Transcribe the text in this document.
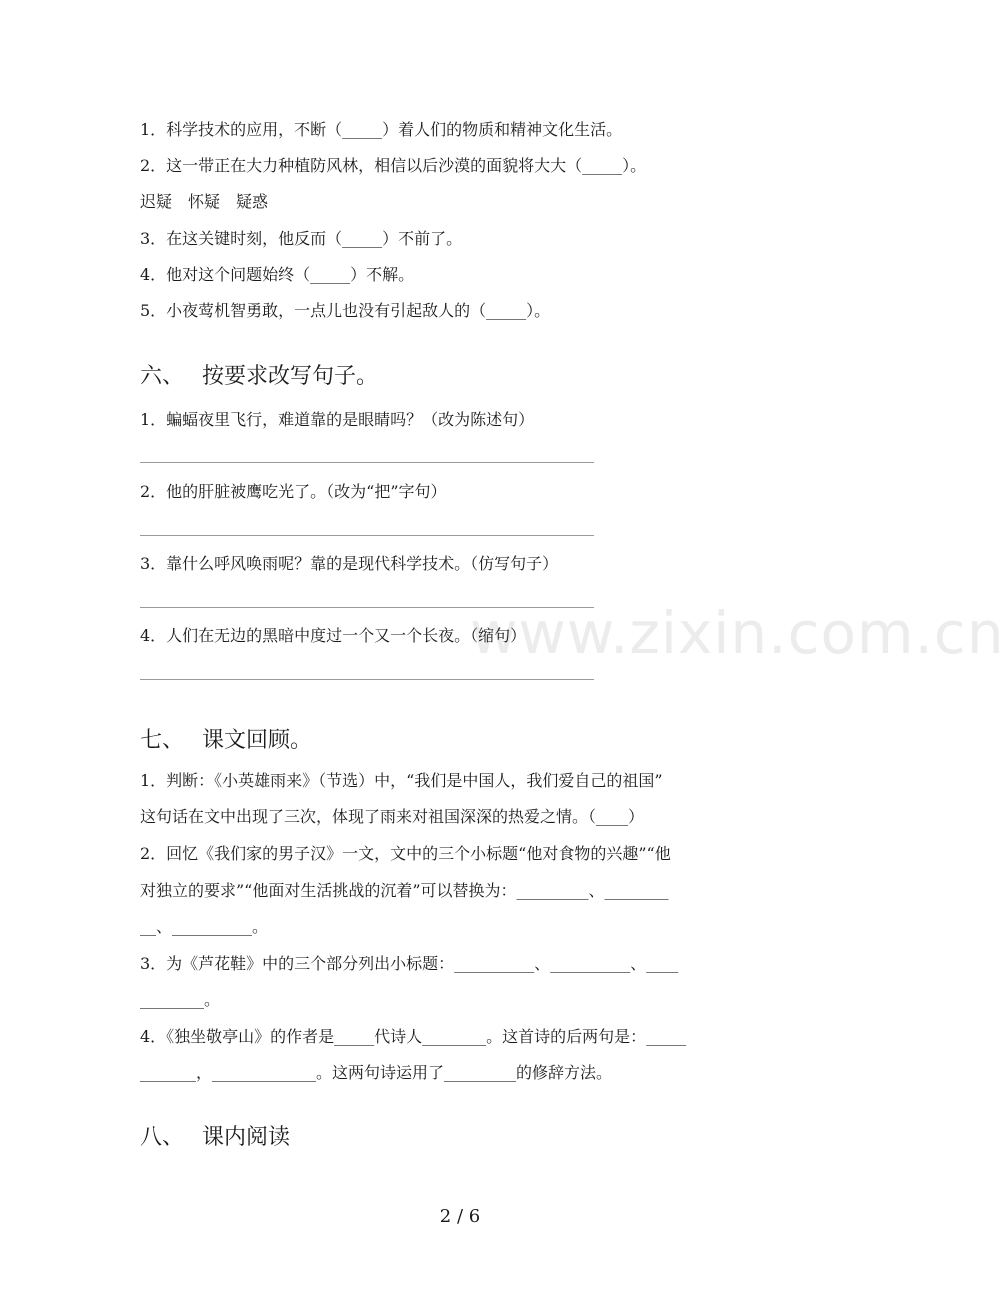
www.zixin.com.cn
1．科学技术的应用，不断（_____）着人们的物质和精神文化生活。
2．这一带正在大力种植防风林，相信以后沙漠的面貌将大大（_____）。
迟疑　怀疑　疑惑
3．在这关键时刻，他反而（_____）不前了。
4．他对这个问题始终（_____）不解。
5．小夜莺机智勇敢，一点儿也没有引起敌人的（_____）。
六、 按要求改写句子。
1．蝙蝠夜里飞行，难道靠的是眼睛吗？（改为陈述句）
2．他的肝脏被鹰吃光了。（改为“把”字句）
3．靠什么呼风唤雨呢？靠的是现代科学技术。（仿写句子）
4．人们在无边的黑暗中度过一个又一个长夜。（缩句）
七、 课文回顾。
1．判断：《小英雄雨来》（节选）中，“我们是中国人，我们爱自己的祖国”
这句话在文中出现了三次，体现了雨来对祖国深深的热爱之情。（____）
2．回忆《我们家的男子汉》一文，文中的三个小标题“他对食物的兴趣”“他
对独立的要求”“他面对生活挑战的沉着”可以替换为：_________、________
__、__________。
3．为《芦花鞋》中的三个部分列出小标题：__________、__________、____
________。
4．《独坐敬亭山》的作者是_____代诗人________。这首诗的后两句是：_____
_______，_____________。这两句诗运用了_________的修辞方法。
八、 课内阅读
2 / 6
